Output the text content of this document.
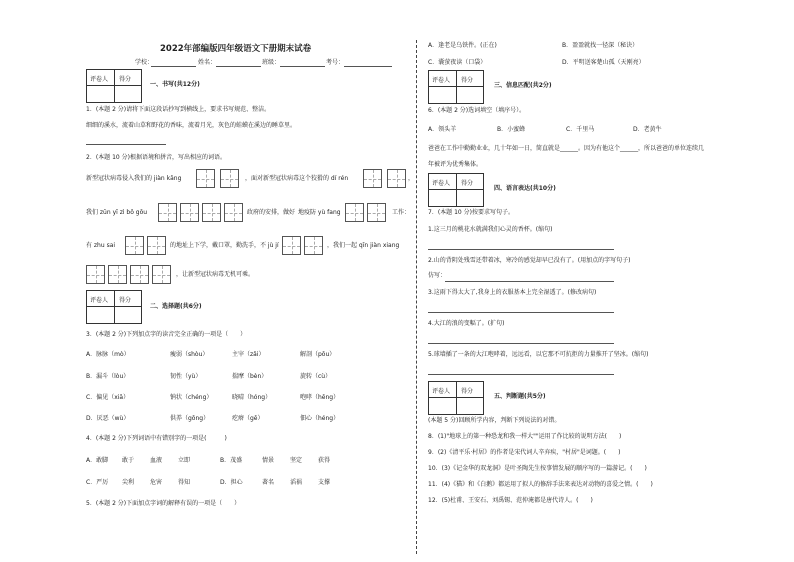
2022年部编版四年级语文下册期末试卷
学校：	姓名：	班级：	考号：
评卷人 得分
一、书写(共12分)
1．(本题 2 分)请将下面这段话抄写到横线上，要求书写规范、整洁。
细细的溪水，流着山草和野花的香味，流着月光，灰色的蛙蟆在溪边的睡草里。
2．(本题 10 分)根据语境和拼音，写出相应的词语。
新型冠状病毒侵入我们的 jiàn kāng	，面对新型冠状病毒这个狡猾的 dí rén	，
我们 zūn yī zì bō gōu	政府的安排，做好 地疫防 yù fang	工作：
有 zhu sai	的地址上下学，戴口罩，勤洗手，不 jù jí	，我们一起 qīn jiàn xiang
，让新型冠状病毒无机可乘。
评卷人 得分
二、选择题(共6分)
3．(本题 2 分)下列加点字的读音完全正确的一项是（　　）
A．脉脉（mò）	瘦弱（shòu）	主宰（zǎi）	解剖（pōu）
B．漏斗（lòu）	韧性（yù）	揣摩（bèn）	旋转（cù）
C．偏见（xiā）	钠状（chéng）	晓晴（hóng）	咆哮（hēng）
D．厌恶（wù）	供养（gōng）	疙瘩（gē）	佃心（héng）
4．(本题 2 分)下列词语中有错别字的一项是(　　　)
A．敢脚 敢于	血液	立即	B．茂盛	情景	坚定	获得
C．严厉 尖利	危害	得知	D．担心	著名	滔祸	支撑
5．(本题 2 分)下面加点字词的解释有误的一项是（　　）
A．逢老是乌铁件。(正在)	B．盈盈就找一径深（秘诀）
C．囊萤夜读（口袋）	D．平明送客楚山孤（天刚亮）
评卷人 得分
三、信息匹配(共2分)
6．(本题 2 分)选词填空（填序号）。
A．领头羊	B．小蜜蜂	C．千里马	D．老黄牛
爸爸在工作中勤勤业业，几十年如一日，简直就是______。因为有他这个______，所以爸爸的单位连续几
年被评为优秀集体。
评卷人 得分
四、语言表达(共10分)
7．(本题 10 分)按要求写句子。
1.这三月的桃花水就满我们心灵的香杯。(缩句)
2.山的背阴处残雪还带着冰，寒冷的感觉却早已没有了。(用加点的字写句子)
仿写：
3.这雨下得太大了,我身上的衣服基本上完全湿透了。(修改病句)
4.大江的浪的变幅了。(扩句)
5.球墙插了一条的大江咆哮着，远远看，以它那不可抗拒的力量推开了坚冰。(缩句)
评卷人 得分
五、判断题(共5分)
(本题 5 分)回顾所学内容，判断下列说法的对错。
8．(1)"地球上的第一种恐龙和我一样大""运用了作比较的说明方法(　　)
9．(2)《清平乐·村居》的作者是宋代词人辛弃疾，"村居"是词题。(　　)
10．(3)《记金华的双龙洞》是叶圣陶先生按事情发展的顺序写的一篇游记。(　　)
11．(4)《猫》和《白鹅》都运用了拟人的修辞手法来表达对动物的喜爱之情。(　　)
12．(5)杜甫、王安石、刘禹锡、范仲淹都是唐代诗人。(　　)
